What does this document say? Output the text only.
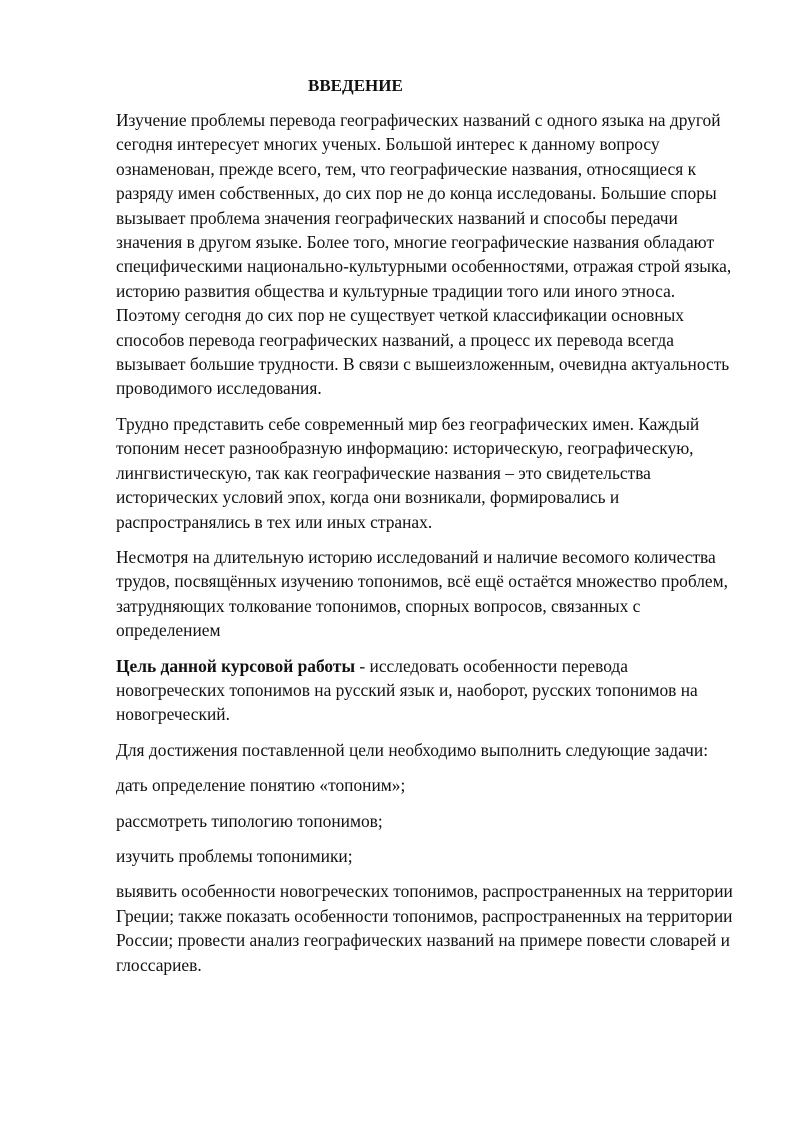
ВВЕДЕНИЕ

Изучение проблемы перевода географических названий с одного языка на другой сегодня интересует многих ученых. Большой интерес к данному вопросу ознаменован, прежде всего, тем, что географические названия, относящиеся к разряду имен собственных, до сих пор не до конца исследованы. Большие споры вызывает проблема значения географических названий и способы передачи значения в другом языке. Более того, многие географические названия обладают специфическими национально-культурными особенностями, отражая строй языка, историю развития общества и культурные традиции того или иного этноса. Поэтому сегодня до сих пор не существует четкой классификации основных способов перевода географических названий, а процесс их перевода всегда вызывает большие трудности. В связи с вышеизложенным, очевидна актуальность проводимого исследования.

Трудно представить себе современный мир без географических имен. Каждый топоним несет разнообразную информацию: историческую, географическую, лингвистическую, так как географические названия – это свидетельства исторических условий эпох, когда они возникали, формировались и распространялись в тех или иных странах.

Несмотря на длительную историю исследований и наличие весомого количества трудов, посвящённых изучению топонимов, всё ещё остаётся множество проблем, затрудняющих толкование топонимов, спорных вопросов, связанных с определением

Цель данной курсовой работы - исследовать особенности перевода новогреческих топонимов на русский язык и, наоборот, русских топонимов на новогреческий.

Для достижения поставленной цели необходимо выполнить следующие задачи:

дать определение понятию «топоним»;

рассмотреть типологию топонимов;

изучить проблемы топонимики;

выявить особенности новогреческих топонимов, распространенных на территории Греции; также показать особенности топонимов, распространенных на территории России; провести анализ географических названий на примере повести словарей и глоссариев.
